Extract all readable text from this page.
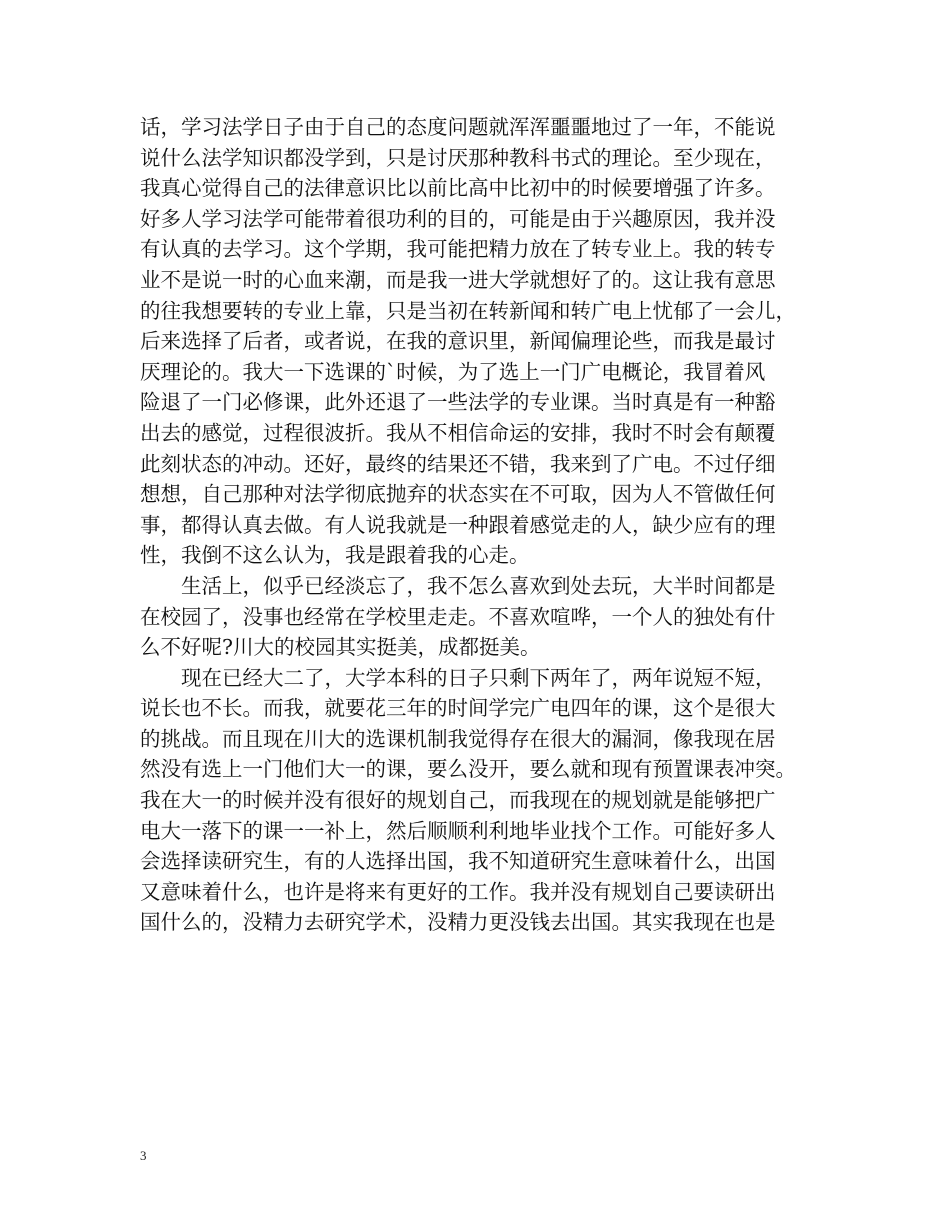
话，学习法学日子由于自己的态度问题就浑浑噩噩地过了一年，不能说
说什么法学知识都没学到，只是讨厌那种教科书式的理论。至少现在，
我真心觉得自己的法律意识比以前比高中比初中的时候要增强了许多。
好多人学习法学可能带着很功利的目的，可能是由于兴趣原因，我并没
有认真的去学习。这个学期，我可能把精力放在了转专业上。我的转专
业不是说一时的心血来潮，而是我一进大学就想好了的。这让我有意思
的往我想要转的专业上靠，只是当初在转新闻和转广电上忧郁了一会儿，
后来选择了后者，或者说，在我的意识里，新闻偏理论些，而我是最讨
厌理论的。我大一下选课的`时候，为了选上一门广电概论，我冒着风
险退了一门必修课，此外还退了一些法学的专业课。当时真是有一种豁
出去的感觉，过程很波折。我从不相信命运的安排，我时不时会有颠覆
此刻状态的冲动。还好，最终的结果还不错，我来到了广电。不过仔细
想想，自己那种对法学彻底抛弃的状态实在不可取，因为人不管做任何
事，都得认真去做。有人说我就是一种跟着感觉走的人，缺少应有的理
性，我倒不这么认为，我是跟着我的心走。
　　生活上，似乎已经淡忘了，我不怎么喜欢到处去玩，大半时间都是
在校园了，没事也经常在学校里走走。不喜欢喧哗，一个人的独处有什
么不好呢?川大的校园其实挺美，成都挺美。
　　现在已经大二了，大学本科的日子只剩下两年了，两年说短不短，
说长也不长。而我，就要花三年的时间学完广电四年的课，这个是很大
的挑战。而且现在川大的选课机制我觉得存在很大的漏洞，像我现在居
然没有选上一门他们大一的课，要么没开，要么就和现有预置课表冲突。
我在大一的时候并没有很好的规划自己，而我现在的规划就是能够把广
电大一落下的课一一补上，然后顺顺利利地毕业找个工作。可能好多人
会选择读研究生，有的人选择出国，我不知道研究生意味着什么，出国
又意味着什么，也许是将来有更好的工作。我并没有规划自己要读研出
国什么的，没精力去研究学术，没精力更没钱去出国。其实我现在也是
3
